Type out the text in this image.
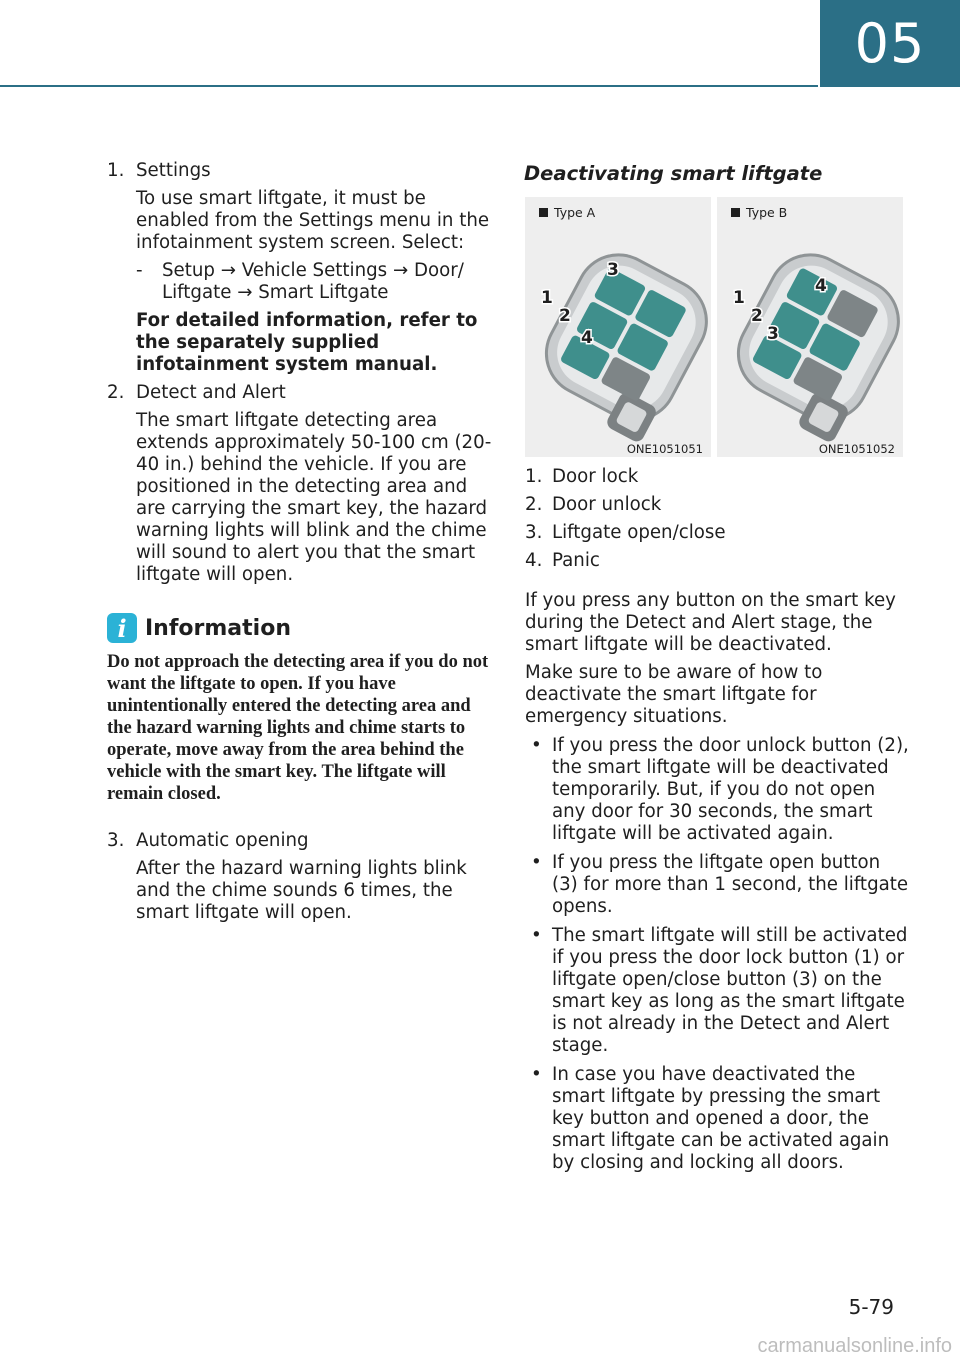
05
1. Settings
To use smart liftgate, it must be enabled from the Settings menu in the infotainment system screen. Select:
- Setup → Vehicle Settings → Door/ Liftgate → Smart Liftgate
For detailed information, refer to the separately supplied infotainment system manual.
2. Detect and Alert
The smart liftgate detecting area extends approximately 50-100 cm (20-40 in.) behind the vehicle. If you are positioned in the detecting area and are carrying the smart key, the hazard warning lights will blink and the chime will sound to alert you that the smart liftgate will open.
i Information
Do not approach the detecting area if you do not want the liftgate to open. If you have unintentionally entered the detecting area and the hazard warning lights and chime starts to operate, move away from the area behind the vehicle with the smart key. The liftgate will remain closed.
3. Automatic opening
After the hazard warning lights blink and the chime sounds 6 times, the smart liftgate will open.
Deactivating smart liftgate
Type A
1
2
3
4
ONE1051051
Type B
1
2
3
4
ONE1051052
1. Door lock
2. Door unlock
3. Liftgate open/close
4. Panic
If you press any button on the smart key during the Detect and Alert stage, the smart liftgate will be deactivated.
Make sure to be aware of how to deactivate the smart liftgate for emergency situations.
• If you press the door unlock button (2), the smart liftgate will be deactivated temporarily. But, if you do not open any door for 30 seconds, the smart liftgate will be activated again.
• If you press the liftgate open button (3) for more than 1 second, the liftgate opens.
• The smart liftgate will still be activated if you press the door lock button (1) or liftgate open/close button (3) on the smart key as long as the smart liftgate is not already in the Detect and Alert stage.
• In case you have deactivated the smart liftgate by pressing the smart key button and opened a door, the smart liftgate can be activated again by closing and locking all doors.
5-79
carmanualsonline.info
